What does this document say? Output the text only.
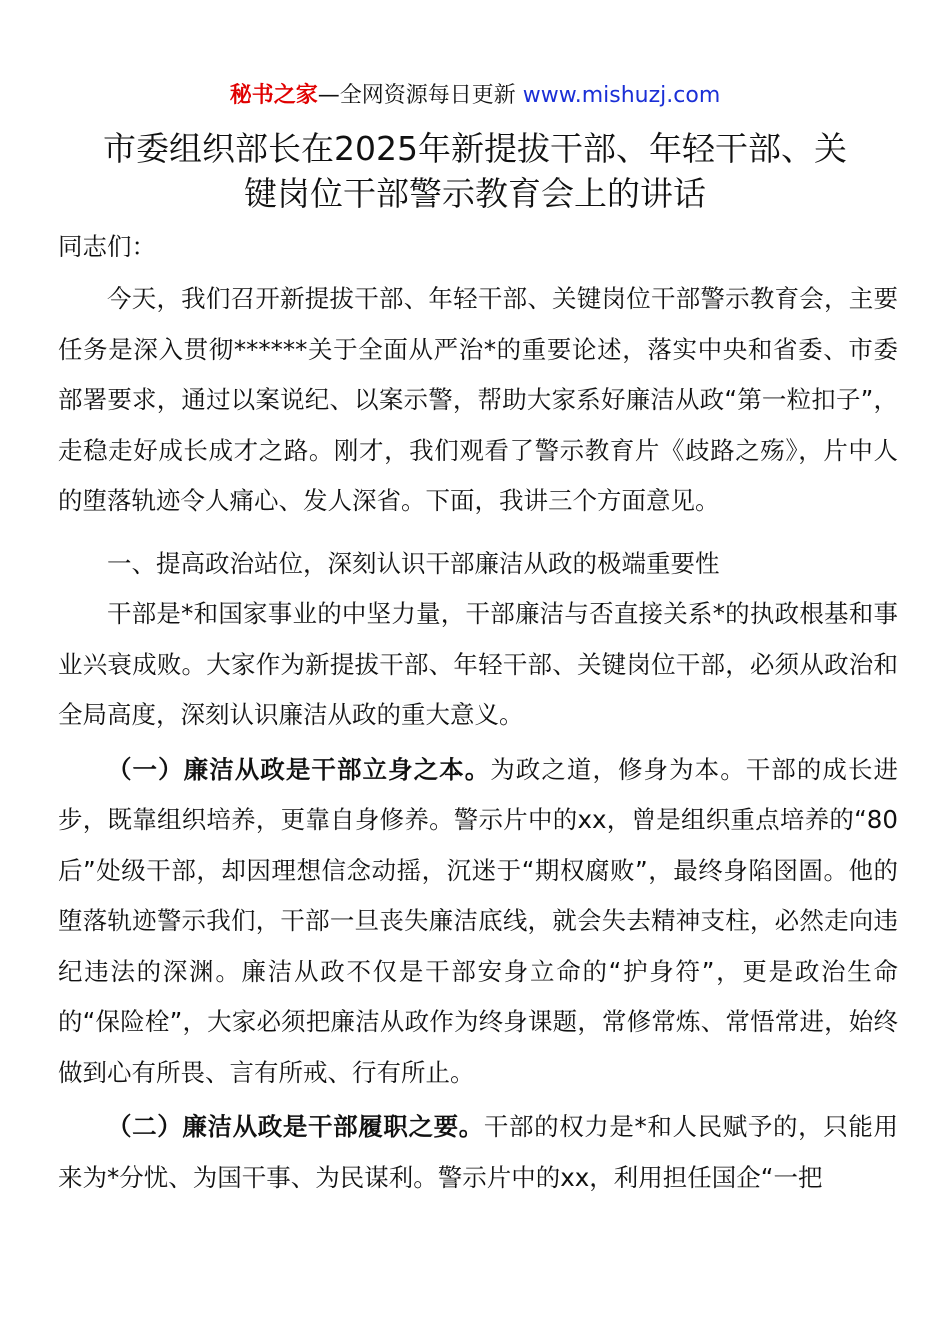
秘书之家—全网资源每日更新 www.mishuzj.com
市委组织部长在2025年新提拔干部、年轻干部、关
键岗位干部警示教育会上的讲话

同志们：

今天，我们召开新提拔干部、年轻干部、关键岗位干部警示教育会，主要任务是深入贯彻******关于全面从严治*的重要论述，落实中央和省委、市委部署要求，通过以案说纪、以案示警，帮助大家系好廉洁从政“第一粒扣子”，走稳走好成长成才之路。刚才，我们观看了警示教育片《歧路之殇》，片中人的堕落轨迹令人痛心、发人深省。下面，我讲三个方面意见。

一、提高政治站位，深刻认识干部廉洁从政的极端重要性

干部是*和国家事业的中坚力量，干部廉洁与否直接关系*的执政根基和事业兴衰成败。大家作为新提拔干部、年轻干部、关键岗位干部，必须从政治和全局高度，深刻认识廉洁从政的重大意义。

（一）廉洁从政是干部立身之本。为政之道，修身为本。干部的成长进步，既靠组织培养，更靠自身修养。警示片中的xx，曾是组织重点培养的“80后”处级干部，却因理想信念动摇，沉迷于“期权腐败”，最终身陷囹圄。他的堕落轨迹警示我们，干部一旦丧失廉洁底线，就会失去精神支柱，必然走向违纪违法的深渊。廉洁从政不仅是干部安身立命的“护身符”，更是政治生命的“保险栓”，大家必须把廉洁从政作为终身课题，常修常炼、常悟常进，始终做到心有所畏、言有所戒、行有所止。

（二）廉洁从政是干部履职之要。干部的权力是*和人民赋予的，只能用来为*分忧、为国干事、为民谋利。警示片中的xx，利用担任国企“一把
